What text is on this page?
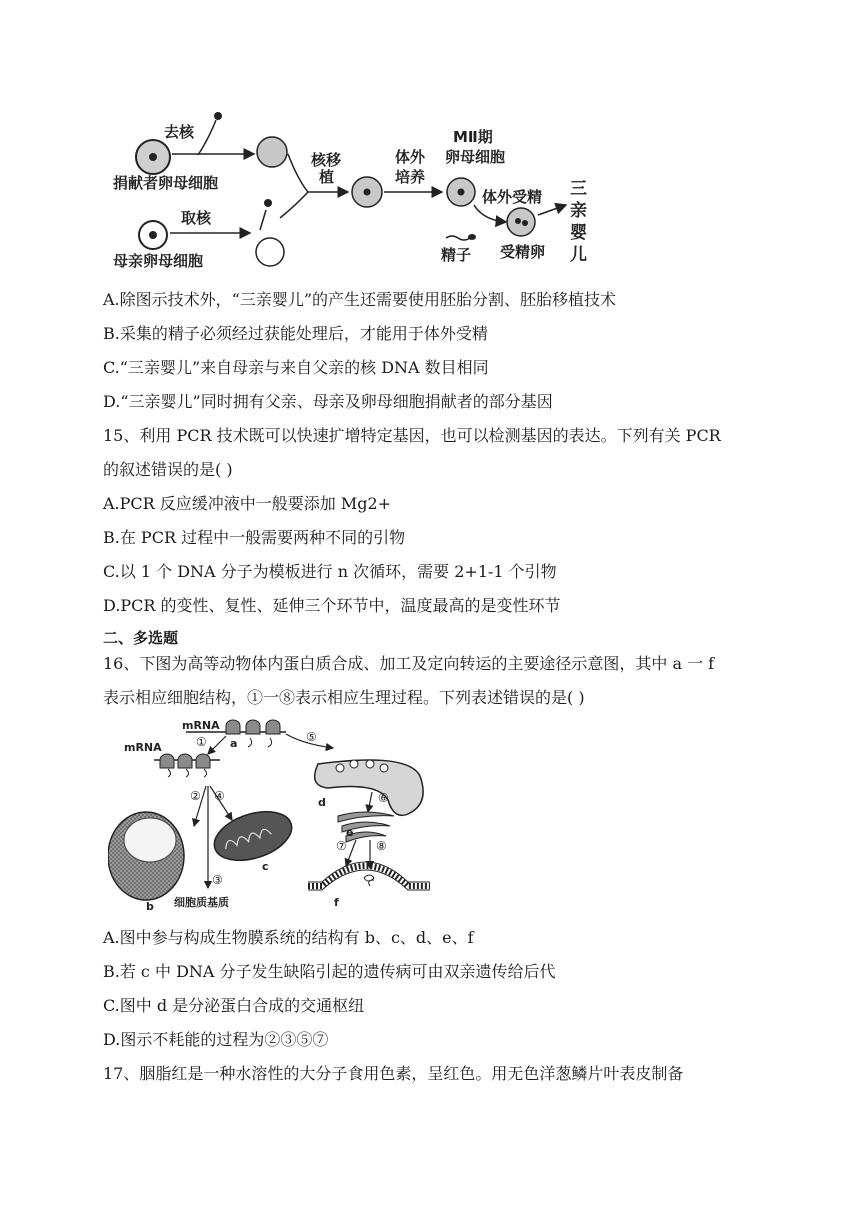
捐献者卵母细胞
去核
母亲卵母细胞
取核
核移
植
体外
培养
MⅡ期
卵母细胞
体外受精
精子 受精卵
三
亲
婴
儿
A.除图示技术外，“三亲婴儿”的产生还需要使用胚胎分割、胚胎移植技术
B.采集的精子必须经过获能处理后，才能用于体外受精
C.“三亲婴儿”来自母亲与来自父亲的核 DNA 数目相同
D.“三亲婴儿”同时拥有父亲、母亲及卵母细胞捐献者的部分基因
15、利用 PCR 技术既可以快速扩增特定基因，也可以检测基因的表达。下列有关 PCR
的叙述错误的是( )
A.PCR 反应缓冲液中一般要添加 Mg2+
B.在 PCR 过程中一般需要两种不同的引物
C.以 1 个 DNA 分子为模板进行 n 次循环，需要 2+1-1 个引物
D.PCR 的变性、复性、延伸三个环节中，温度最高的是变性环节
二、多选题
16、下图为高等动物体内蛋白质合成、加工及定向转运的主要途径示意图，其中 a 一 f
表示相应细胞结构，①一⑧表示相应生理过程。下列表述错误的是( )
mRNA
a
①	⑤
mRNA
②
③
④
b
c
细胞质基质
d	⑥
e
⑦ ⑧
f
A.图中参与构成生物膜系统的结构有 b、c、d、e、f
B.若 c 中 DNA 分子发生缺陷引起的遗传病可由双亲遗传给后代
C.图中 d 是分泌蛋白合成的交通枢纽
D.图示不耗能的过程为②③⑤⑦
17、胭脂红是一种水溶性的大分子食用色素，呈红色。用无色洋葱鳞片叶表皮制备
